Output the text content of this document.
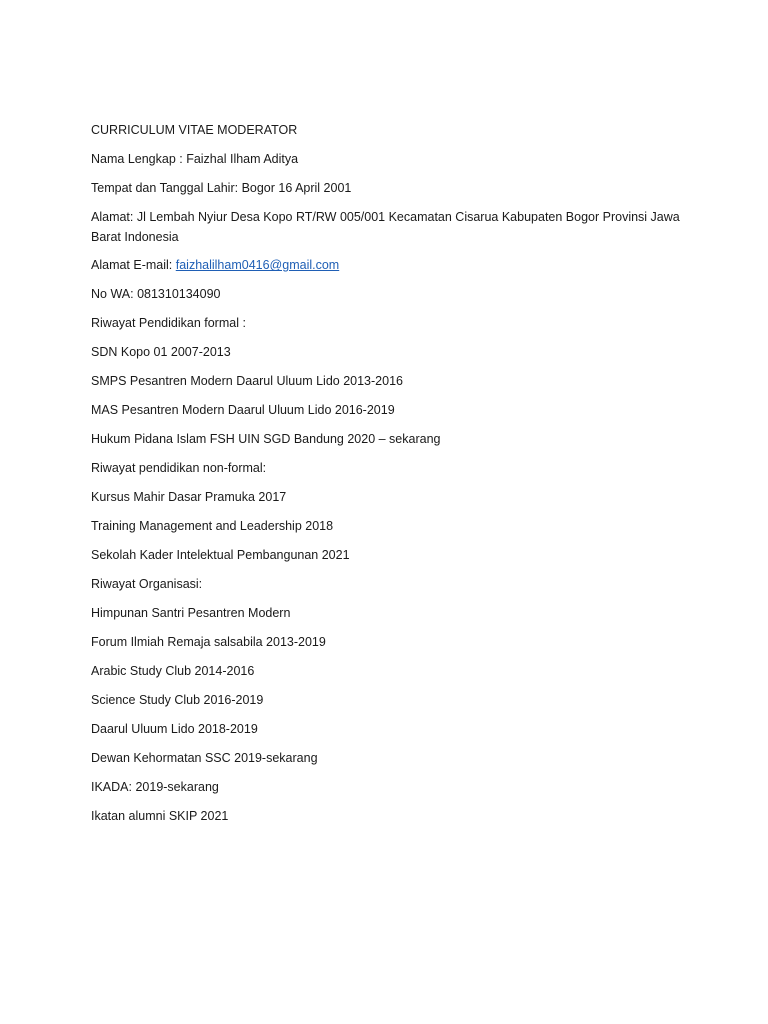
CURRICULUM VITAE MODERATOR
Nama Lengkap : Faizhal Ilham Aditya
Tempat dan Tanggal Lahir: Bogor 16 April 2001
Alamat: Jl Lembah Nyiur Desa Kopo RT/RW 005/001 Kecamatan Cisarua Kabupaten Bogor Provinsi Jawa Barat Indonesia
Alamat E-mail: faizhalilham0416@gmail.com
No WA: 081310134090
Riwayat Pendidikan formal :
SDN Kopo 01 2007-2013
SMPS Pesantren Modern Daarul Uluum Lido 2013-2016
MAS Pesantren Modern Daarul Uluum Lido 2016-2019
Hukum Pidana Islam FSH UIN SGD Bandung 2020 – sekarang
Riwayat pendidikan non-formal:
Kursus Mahir Dasar Pramuka 2017
Training Management and Leadership 2018
Sekolah Kader Intelektual Pembangunan 2021
Riwayat Organisasi:
Himpunan Santri Pesantren Modern
Forum Ilmiah Remaja salsabila 2013-2019
Arabic Study Club 2014-2016
Science Study Club 2016-2019
Daarul Uluum Lido 2018-2019
Dewan Kehormatan SSC 2019-sekarang
IKADA: 2019-sekarang
Ikatan alumni SKIP 2021
